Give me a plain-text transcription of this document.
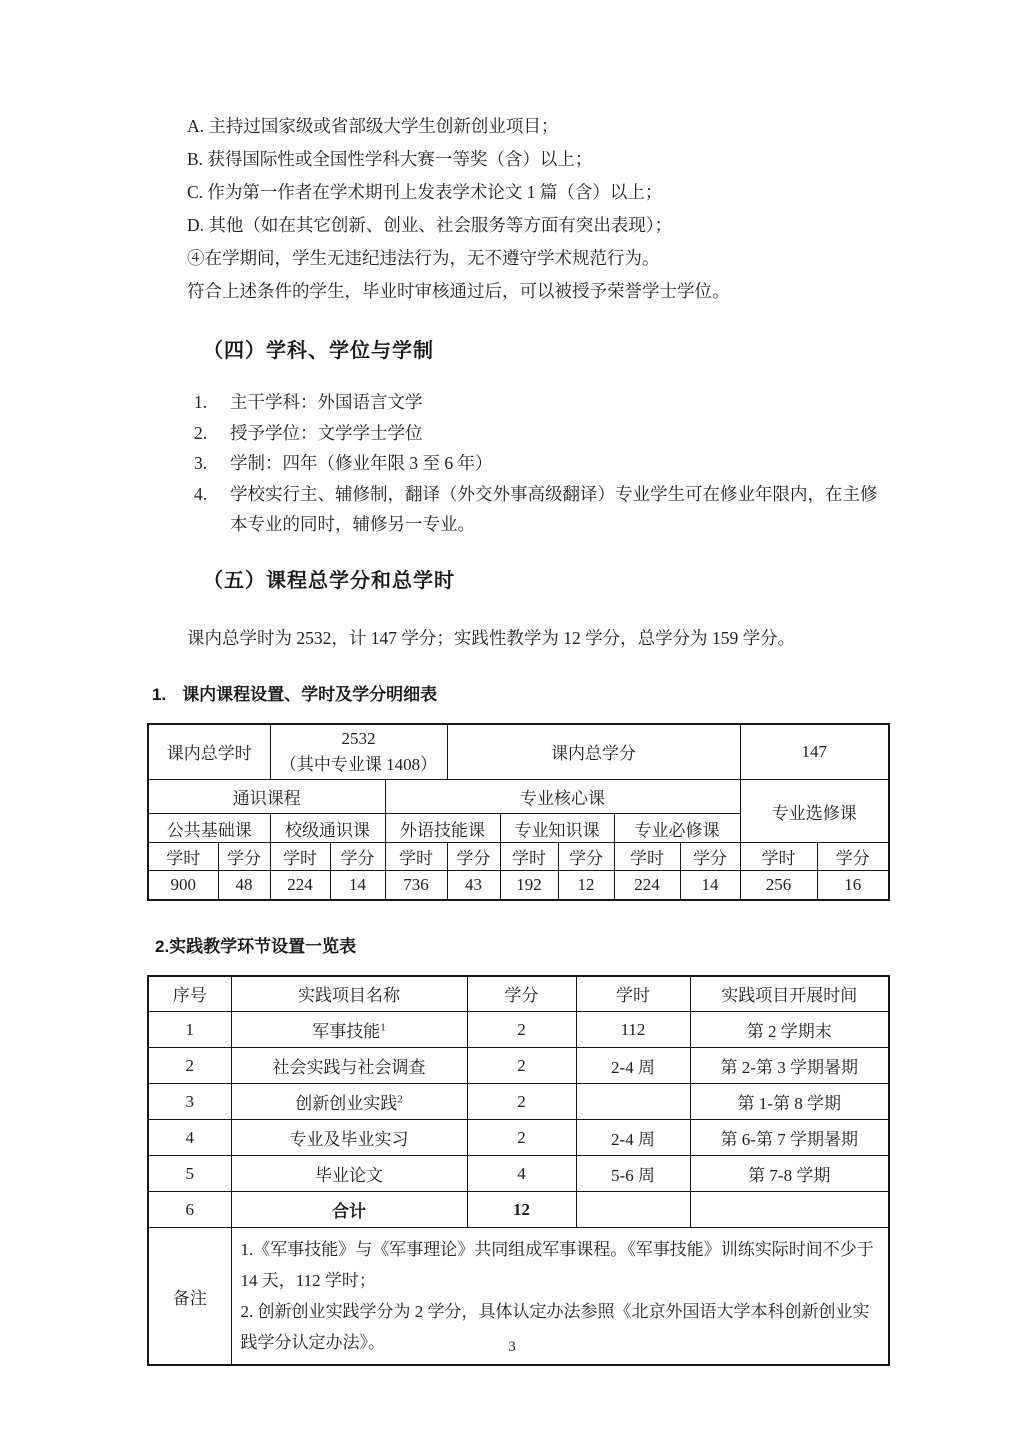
A. 主持过国家级或省部级大学生创新创业项目；
B. 获得国际性或全国性学科大赛一等奖（含）以上；
C. 作为第一作者在学术期刊上发表学术论文 1 篇（含）以上；
D. 其他（如在其它创新、创业、社会服务等方面有突出表现）；
④在学期间，学生无违纪违法行为，无不遵守学术规范行为。
符合上述条件的学生，毕业时审核通过后，可以被授予荣誉学士学位。
（四）学科、学位与学制
1.	主干学科：外国语言文学
2.	授予学位：文学学士学位
3.	学制：四年（修业年限 3 至 6 年）
4.	学校实行主、辅修制，翻译（外交外事高级翻译）专业学生可在修业年限内，在主修本专业的同时，辅修另一专业。
（五）课程总学分和总学时
课内总学时为 2532，计 147 学分；实践性教学为 12 学分，总学分为 159 学分。
1. 课内课程设置、学时及学分明细表
课内总学时		2532
（其中专业课 1408）			课内总学分					147	
通识课程				专业核心课						专业选修课	
公共基础课		校级通识课		外语技能课		专业知识课		专业必修课			
学时	学分	学时	学分	学时	学分	学时	学分	学时	学分	学时	学分
900	48	224	14	736	43	192	12	224	14	256	16
2.实践教学环节设置一览表
序号	实践项目名称	学分	学时	实践项目开展时间
1	军事技能$^1$	2	112	第 2 学期末
2	社会实践与社会调查	2	2-4 周	第 2-第 3 学期暑期
3	创新创业实践$^2$	2		第 1-第 8 学期
4	专业及毕业实习	2	2-4 周	第 6-第 7 学期暑期
5	毕业论文	4	5-6 周	第 7-8 学期
6	合计	12		
备注	1.《军事技能》与《军事理论》共同组成军事课程。《军事技能》训练实际时间不少于 14 天，112 学时；
2. 创新创业实践学分为 2 学分，具体认定办法参照《北京外国语大学本科创新创业实践学分认定办法》。				3
